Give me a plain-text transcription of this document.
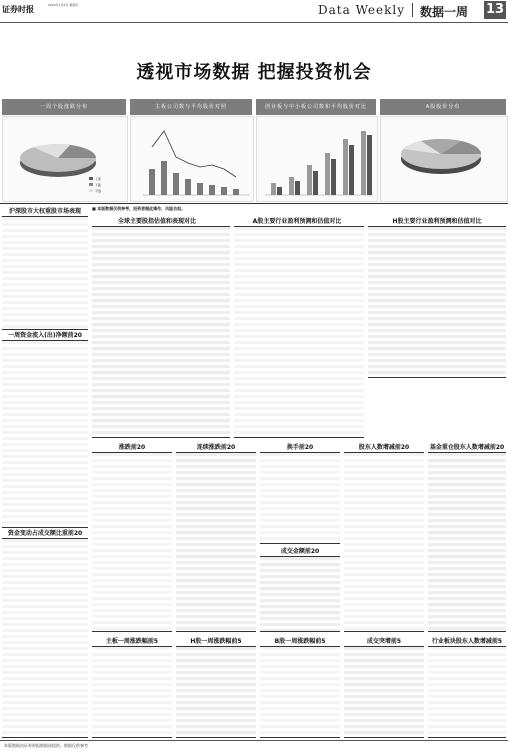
证券时报	2014年1月5日 星期日	Data Weekly 数据一周 13
透视市场数据 把握投资机会
一周个股涨跌分布
上涨
下跌
平盘
主板公司数与平均股价对照	创业板与中小板公司数和平均股价对比	A股股价分布
沪深股市大权重股市场表现
一周资金流入(出)净额前20
资金变动占成交额比重前20
■ 本版数据仅供参考，投资者据此操作，风险自担。
全球主要股指估值和表现对比	A股主要行业盈利预测和估值对比	H股主要行业盈利预测和估值对比
涨跌前20	连续涨跌前20	换手前20
成交金额前20
股东人数增减前20	基金重仓股东人数增减前20
主板一周涨跌幅前5	H股一周涨跌幅前5	B股一周涨跌幅前5	成交突增前5	行业板块股东人数增减前5
本版数据由证券时报数据部提供，数据仅供参考
